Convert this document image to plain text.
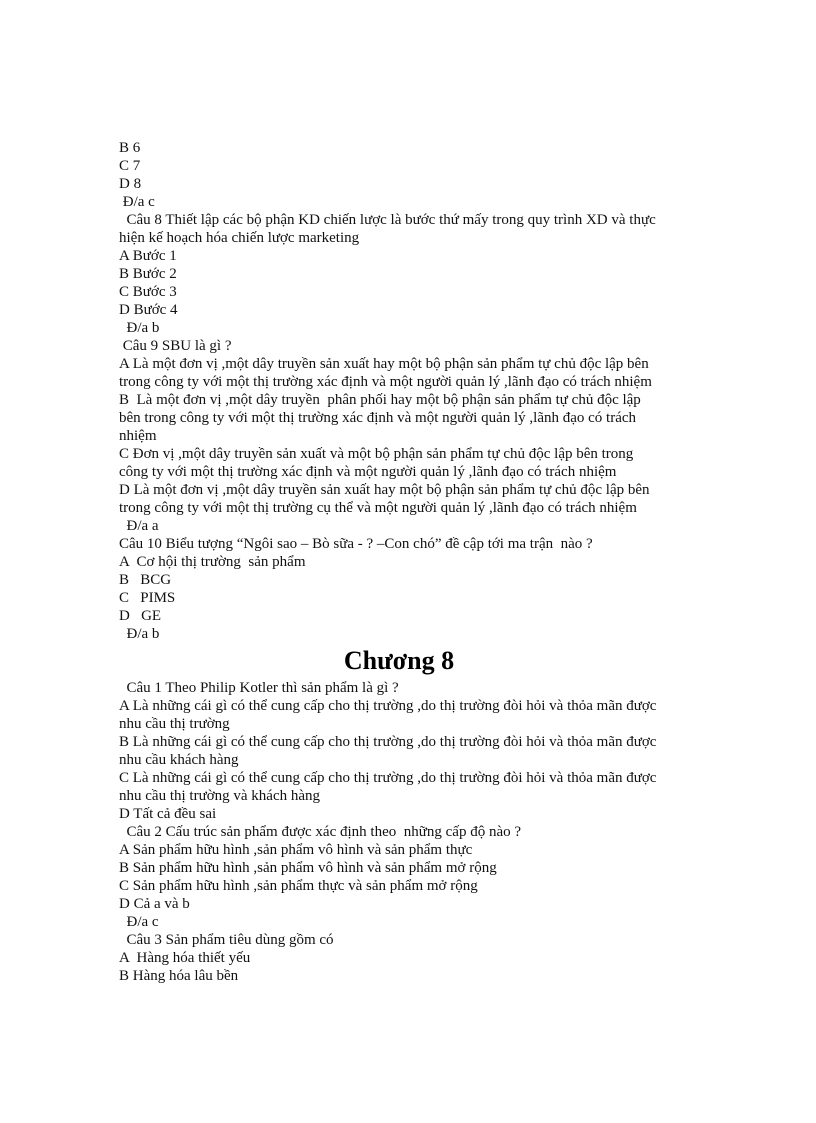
B 6
C 7
D 8
Đ/a c
Câu 8 Thiết lập các bộ phận KD chiến lược là bước thứ mấy trong quy trình XD và thực
hiện kế hoạch hóa chiến lược marketing
A Bước 1
B Bước 2
C Bước 3
D Bước 4
Đ/a b
Câu 9 SBU là gì ?
A Là một đơn vị ,một dây truyền sản xuất hay một bộ phận sản phẩm tự chủ độc lập bên
trong công ty với một thị trường xác định và một người quản lý ,lãnh đạo có trách nhiệm
B  Là một đơn vị ,một dây truyền  phân phối hay một bộ phận sản phẩm tự chủ độc lập
bên trong công ty với một thị trường xác định và một người quản lý ,lãnh đạo có trách
nhiệm
C Đơn vị ,một dây truyền sản xuất và một bộ phận sản phẩm tự chủ độc lập bên trong
công ty với một thị trường xác định và một người quản lý ,lãnh đạo có trách nhiệm
D Là một đơn vị ,một dây truyền sản xuất hay một bộ phận sản phẩm tự chủ độc lập bên
trong công ty với một thị trường cụ thể và một người quản lý ,lãnh đạo có trách nhiệm
Đ/a a
Câu 10 Biểu tượng “Ngôi sao – Bò sữa - ? –Con chó” đề cập tới ma trận  nào ?
A  Cơ hội thị trường  sản phẩm
B   BCG
C   PIMS
D   GE
Đ/a b
Chương 8
Câu 1 Theo Philip Kotler thì sản phẩm là gì ?
A Là những cái gì có thể cung cấp cho thị trường ,do thị trường đòi hỏi và thỏa mãn được
nhu cầu thị trường
B Là những cái gì có thể cung cấp cho thị trường ,do thị trường đòi hỏi và thỏa mãn được
nhu cầu khách hàng
C Là những cái gì có thể cung cấp cho thị trường ,do thị trường đòi hỏi và thỏa mãn được
nhu cầu thị trường và khách hàng
D Tất cả đều sai
Câu 2 Cấu trúc sản phẩm được xác định theo  những cấp độ nào ?
A Sản phẩm hữu hình ,sản phẩm vô hình và sản phẩm thực
B Sản phẩm hữu hình ,sản phẩm vô hình và sản phẩm mở rộng
C Sản phẩm hữu hình ,sản phẩm thực và sản phẩm mở rộng
D Cả a và b
Đ/a c
Câu 3 Sản phẩm tiêu dùng gồm có
A  Hàng hóa thiết yếu
B Hàng hóa lâu bền
